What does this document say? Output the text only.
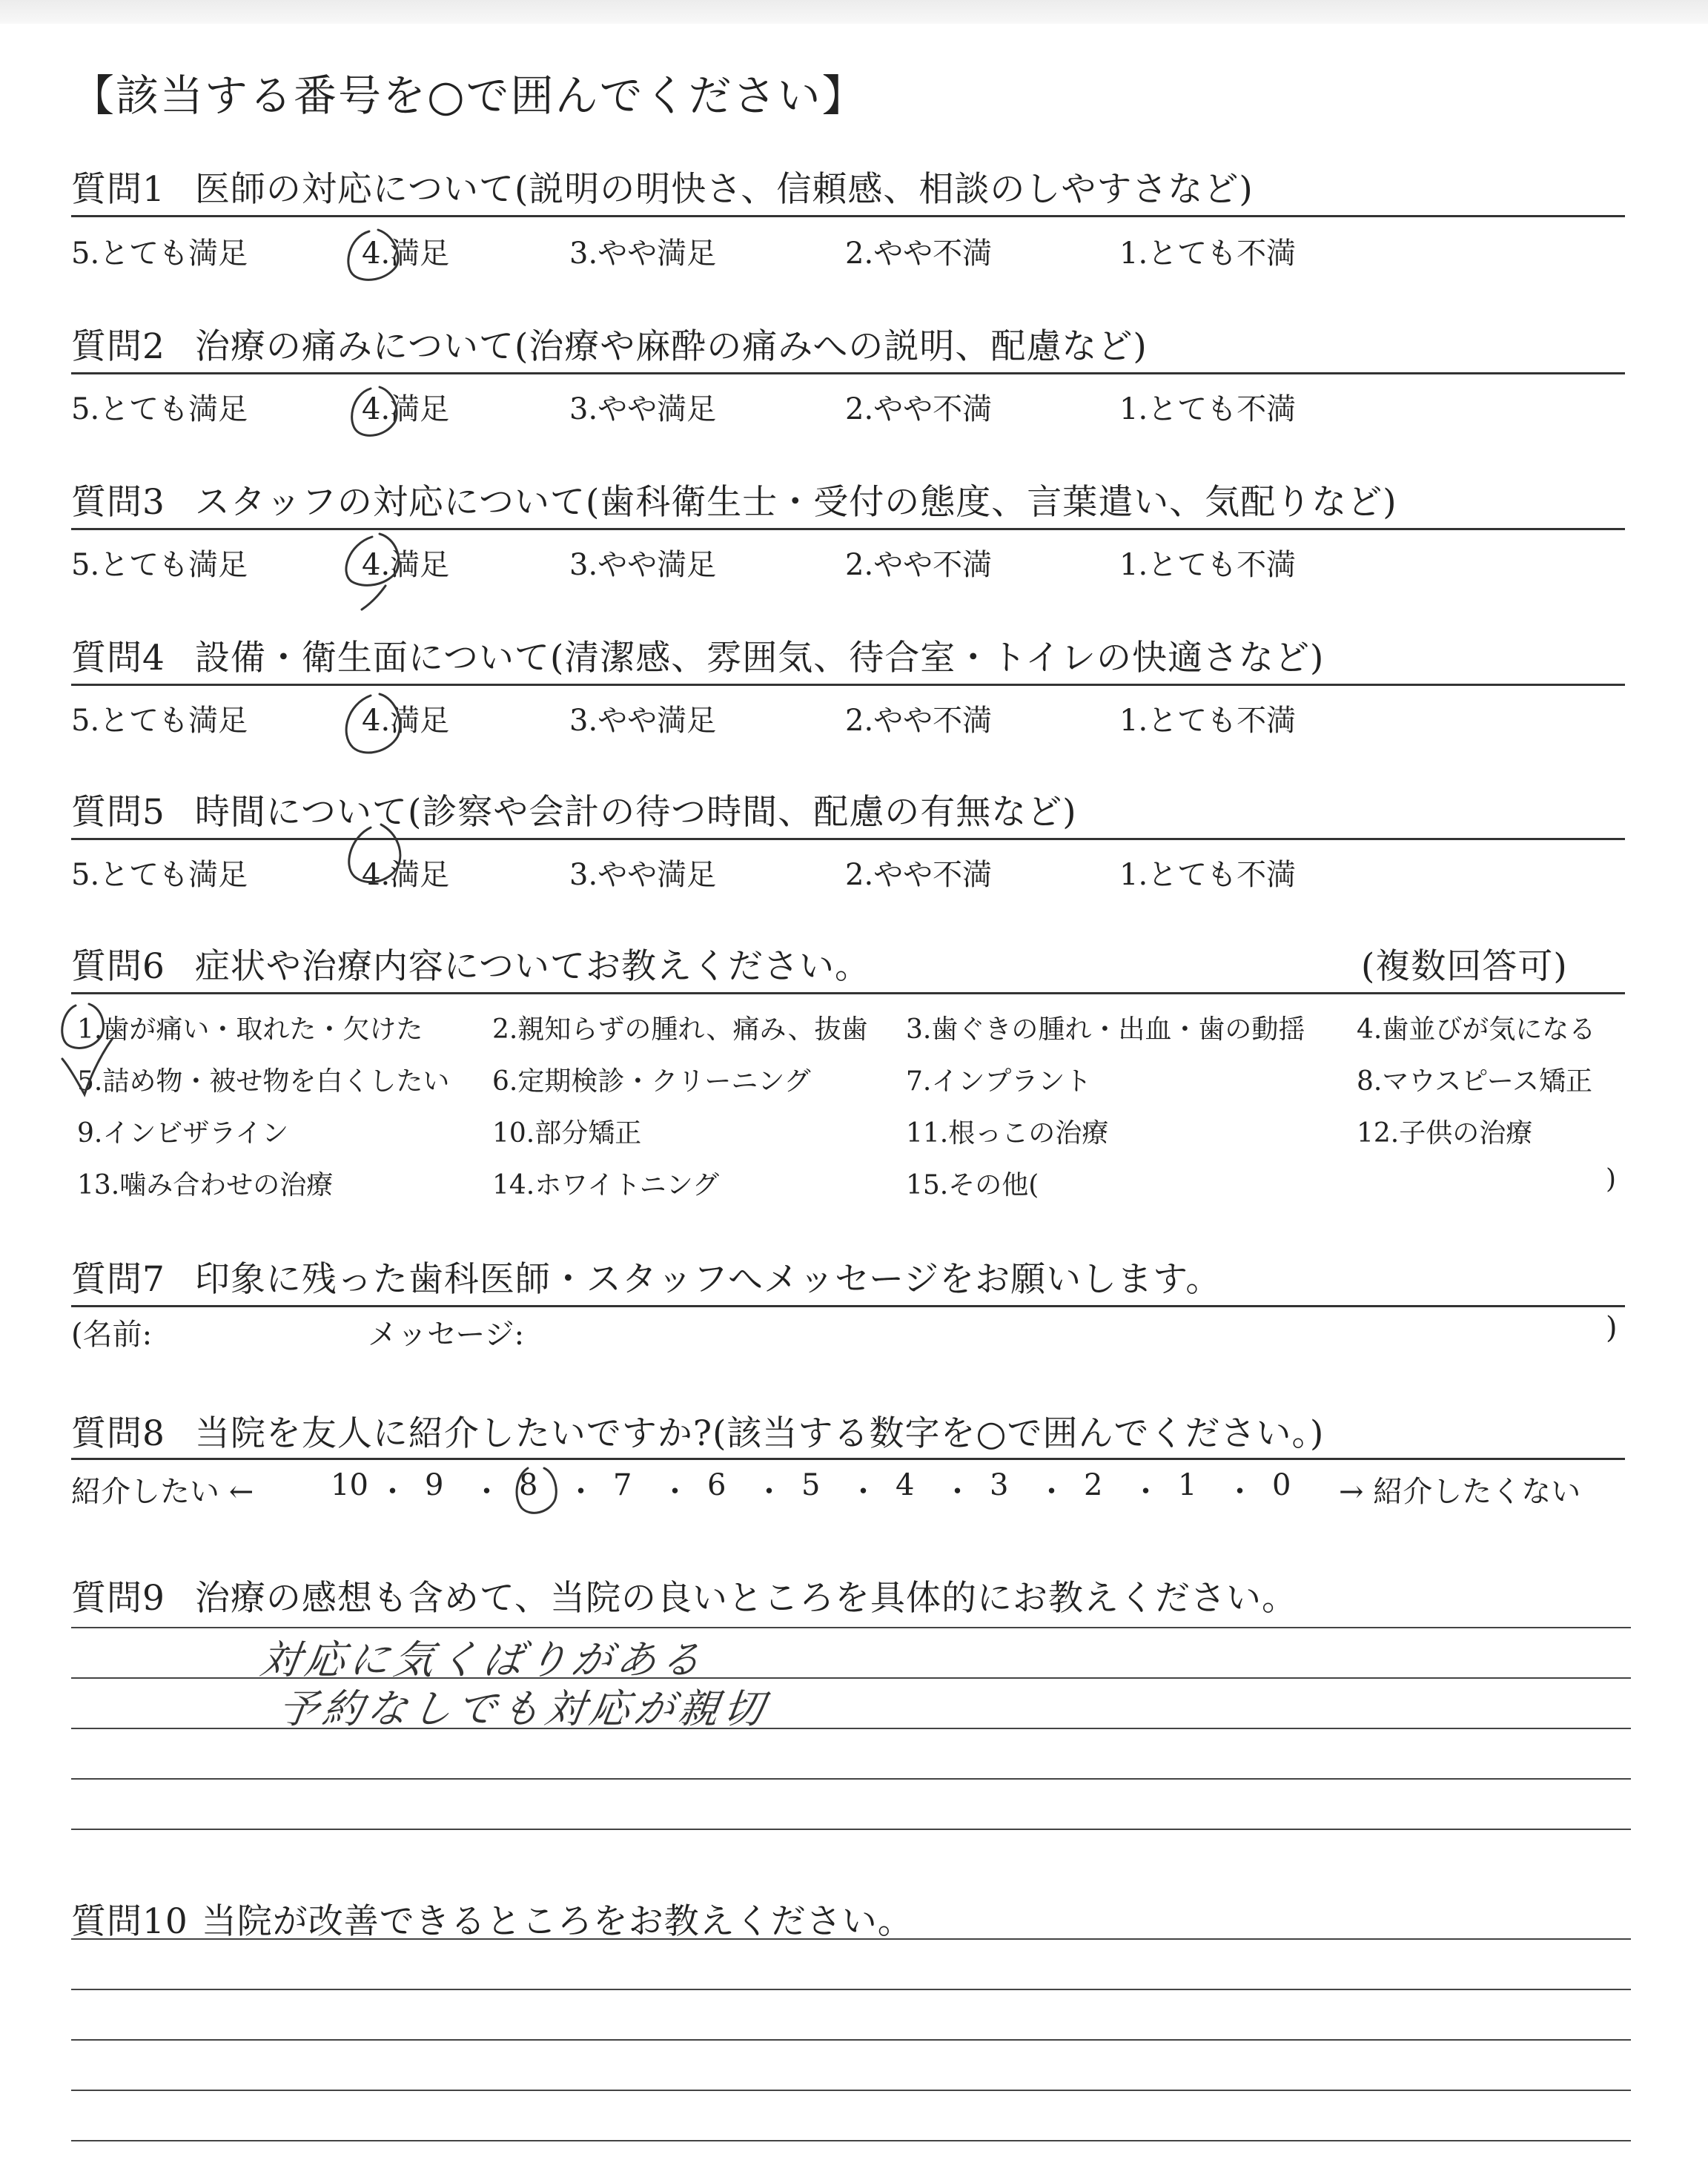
【該当する番号を○で囲んでください】
質問1 医師の対応について(説明の明快さ、信頼感、相談のしやすさなど)
5.とても満足	4.満足	3.やや満足	2.やや不満	1.とても不満
質問2 治療の痛みについて(治療や麻酔の痛みへの説明、配慮など)
5.とても満足	4.満足	3.やや満足	2.やや不満	1.とても不満
質問3 スタッフの対応について(歯科衛生士・受付の態度、言葉遣い、気配りなど)
5.とても満足	4.満足	3.やや満足	2.やや不満	1.とても不満
質問4 設備・衛生面について(清潔感、雰囲気、待合室・トイレの快適さなど)
5.とても満足	4.満足	3.やや満足	2.やや不満	1.とても不満
質問5 時間について(診察や会計の待つ時間、配慮の有無など)
5.とても満足	4.満足	3.やや満足	2.やや不満	1.とても不満
質問6 症状や治療内容についてお教えください。	(複数回答可)
1.歯が痛い・取れた・欠けた	2.親知らずの腫れ、痛み、抜歯 3.歯ぐきの腫れ・出血・歯の動揺 4.歯並びが気になる
5.詰め物・被せ物を白くしたい 6.定期検診・クリーニング	7.インプラント	8.マウスピース矯正
9.インビザライン	10.部分矯正	11.根っこの治療	12.子供の治療
13.噛み合わせの治療	14.ホワイトニング	15.その他(	)
質問7 印象に残った歯科医師・スタッフへメッセージをお願いします。
(名前:	メッセージ:	)
質問8 当院を友人に紹介したいですか?(該当する数字を○で囲んでください。)
紹介したい ←	→ 紹介したくない
10 ・ 9 ・ 8 ・ 7 ・ 6 ・ 5 ・ 4 ・ 3 ・ 2 ・ 1 ・ 0
質問9 治療の感想も含めて、当院の良いところを具体的にお教えください。
対応に気くばりがある
予約なしでも対応が親切
質問10 当院が改善できるところをお教えください。
